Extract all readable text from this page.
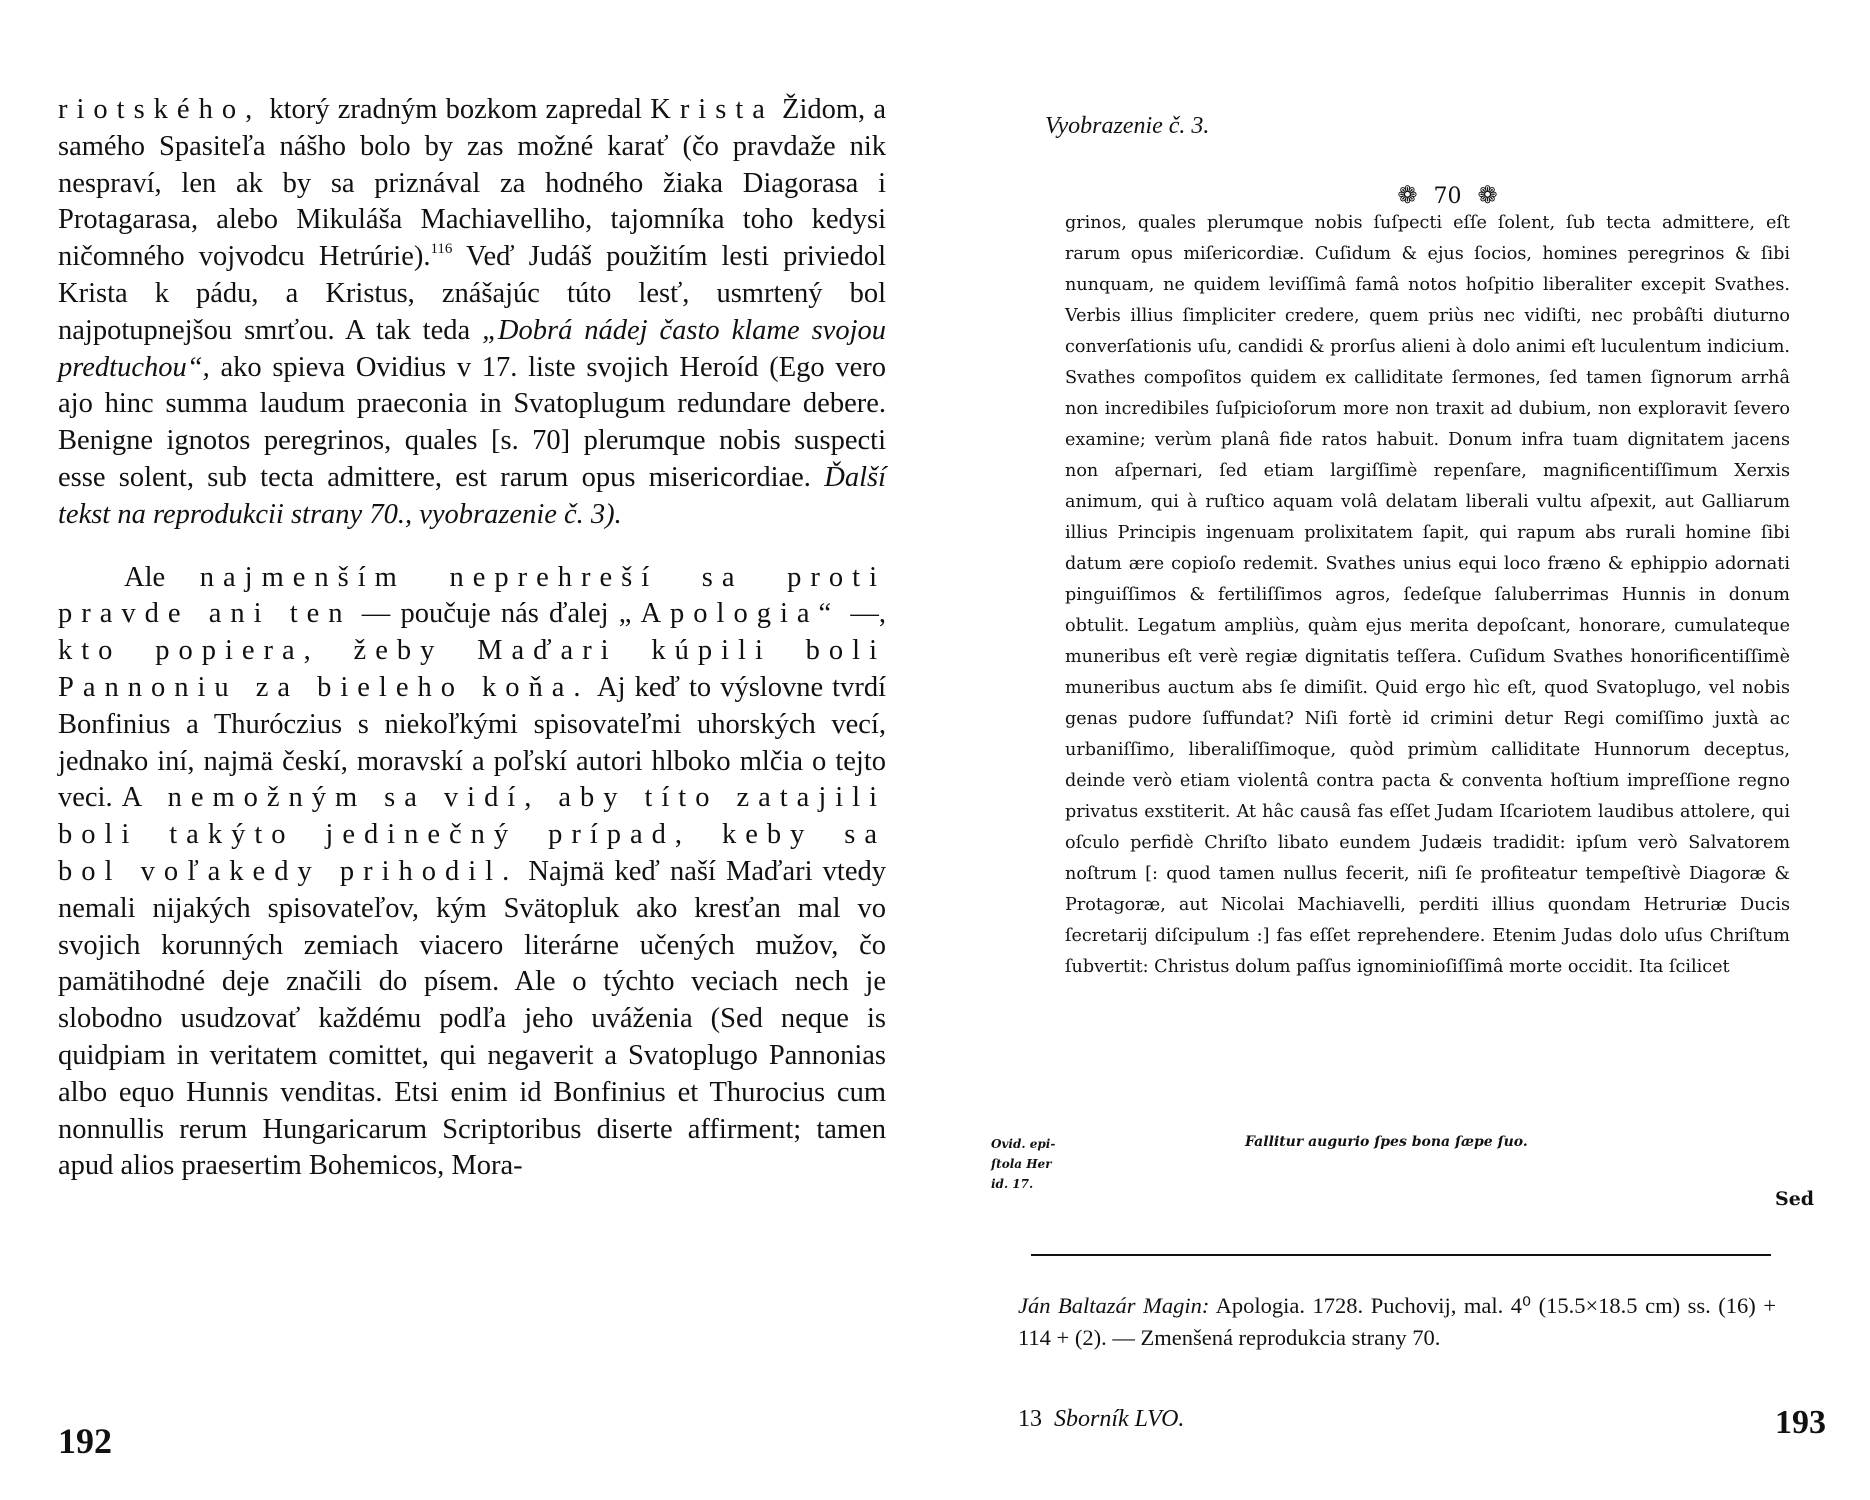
riotského, ktorý zradným bozkom zapredal Krista Židom, a samého Spasiteľa nášho bolo by zas možné karať (čo pravdaže nik nespraví, len ak by sa priznával za hodného žiaka Diagorasa i Protagarasa, alebo Mikuláša Machiavelliho, tajomníka toho kedysi ničomného vojvodcu Hetrúrie).$^{116}$ Veď Judáš použitím lesti priviedol Krista k pádu, a Kristus, znášajúc túto lesť, usmrtený bol najpotupnejšou smrťou. A tak teda „Dobrá nádej často klame svojou predtuchou“, ako spieva Ovidius v 17. liste svojich Heroíd (Ego vero ajo hinc summa laudum praeconia in Svatoplugum redundare debere. Benigne ignotos peregrinos, quales [s. 70] plerumque nobis suspecti esse solent, sub tecta admittere, est rarum opus misericordiae. Ďalší tekst na reprodukcii strany 70., vyobrazenie č. 3).

Ale najmenším neprehreší sa proti pravde ani ten — poučuje nás ďalej „Apologia“ —, kto popiera, žeby Maďari kúpili boli Pannoniu za bieleho koňa. Aj keď to výslovne tvrdí Bonfinius a Thuróczius s niekoľkými spisovateľmi uhorských vecí, jednako iní, najmä českí, moravskí a poľskí autori hlboko mlčia o tejto veci. A nemožným sa vidí, aby títo zatajili boli takýto jedinečný prípad, keby sa bol voľakedy prihodil. Najmä keď naší Maďari vtedy nemali nijakých spisovateľov, kým Svätopluk ako kresťan mal vo svojich korunných zemiach viacero literárne učených mužov, čo pamätihodné deje značili do písem. Ale o týchto veciach nech je slobodno usudzovať každému podľa jeho uváženia (Sed neque is quidpiam in veritatem comittet, qui negaverit a Svatoplugo Pannonias albo equo Hunnis venditas. Etsi enim id Bonfinius et Thurocius cum nonnullis rerum Hungaricarum Scriptoribus diserte affirment; tamen apud alios praesertim Bohemicos, Mora-

192
Vyobrazenie č. 3.
❁ 70 ❁

grinos, quales plerumque nobis ſuſpecti eſſe ſolent, ſub tecta admittere, eſt rarum opus miſericordiæ. Cuſidum & ejus ſocios, homines peregrinos & ſibi nunquam, ne quidem leviſſimâ famâ notos hoſpitio liberaliter excepit Svathes. Verbis illius ſimpliciter credere, quem priùs nec vidiſti, nec probâſti diuturno converſationis uſu, candidi & prorſus alieni à dolo animi eſt luculentum indicium. Svathes compoſitos quidem ex calliditate ſermones, ſed tamen ſignorum arrhâ non incredibiles ſuſpicioſorum more non traxit ad dubium, non exploravit ſevero examine; verùm planâ fide ratos habuit. Donum infra tuam dignitatem jacens non aſpernari, ſed etiam largiſſimè repenſare, magnificentiſſimum Xerxis animum, qui à ruſtico aquam volâ delatam liberali vultu aſpexit, aut Galliarum illius Principis ingenuam prolixitatem ſapit, qui rapum abs rurali homine ſibi datum ære copioſo redemit. Svathes unius equi loco fræno & ephippio adornati pinguiſſimos & fertiliſſimos agros, ſedeſque ſaluberrimas Hunnis in donum obtulit. Legatum ampliùs, quàm ejus merita depoſcant, honorare, cumulateque muneribus eſt verè regiæ dignitatis teſſera. Cuſidum Svathes honorificentiſſimè muneribus auctum abs ſe dimiſit. Quid ergo hìc eſt, quod Svatoplugo, vel nobis genas pudore ſuffundat? Niſi fortè id crimini detur Regi comiſſimo juxtà ac urbaniſſimo, liberaliſſimoque, quòd primùm calliditate Hunnorum deceptus, deinde verò etiam violentâ contra pacta & conventa hoſtium impreſſione regno privatus exstiterit. At hâc causâ fas eſſet Judam Iſcariotem laudibus attolere, qui oſculo perfidè Chriſto libato eundem Judæis tradidit: ipſum verò Salvatorem noſtrum [: quod tamen nullus fecerit, niſi ſe profiteatur tempeſtivè Diagoræ & Protagoræ, aut Nicolai Machiavelli, perditi illius quondam Hetruriæ Ducis ſecretarij diſcipulum :] fas eſſet reprehendere. Etenim Judas dolo uſus Chriſtum ſubvertit: Christus dolum paſſus ignominioſiſſimâ morte occidit. Ita ſcilicet

Ovid. epi-
ſtola Her
id. 17.
Fallitur augurio ſpes bona ſæpe ſuo.
Sed
Ján Baltazár Magin: Apologia. 1728. Puchovij, mal. 4⁰ (15.5×18.5 cm) ss. (16) + 114 + (2). — Zmenšená reprodukcia strany 70.
13 Sborník LVO.	193
